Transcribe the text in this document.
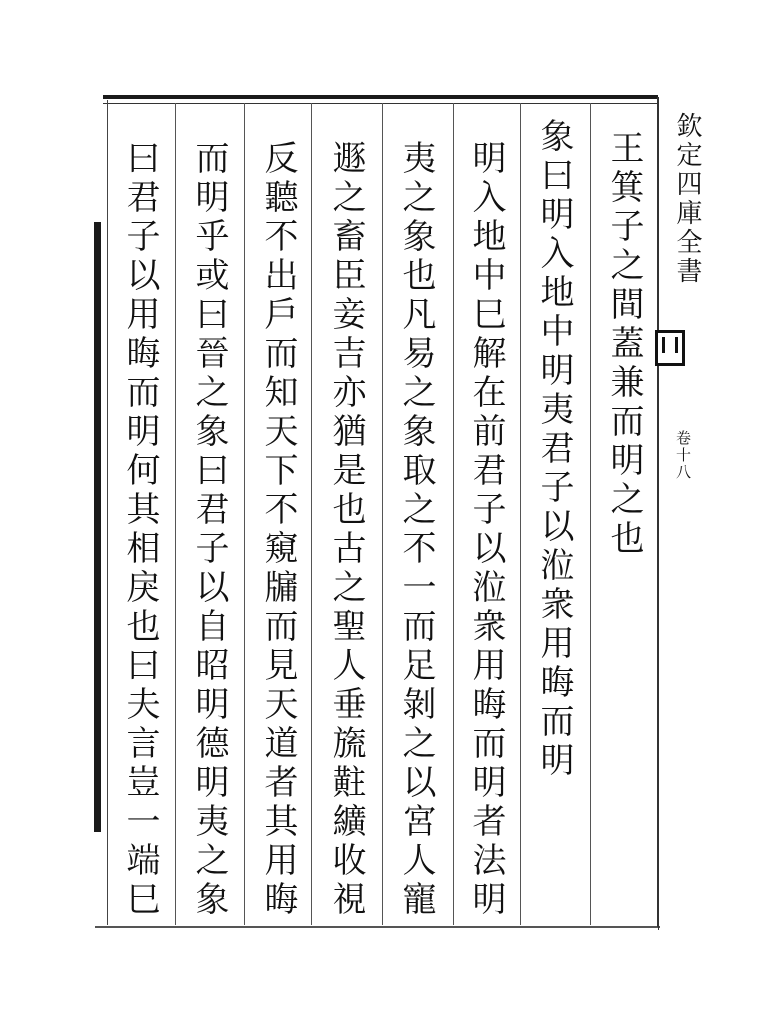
欽定四庫全書
卷十八
王箕子之間蓋兼而明之也
象曰明入地中明夷君子以涖衆用晦而明
明入地中巳解在前君子以涖衆用晦而明者法明
夷之象也凡易之象取之不一而足剝之以宮人寵
遯之畜臣妾吉亦猶是也古之聖人垂旒黈纊收視
反聽不出戶而知天下不窺牖而見天道者其用晦
而明乎或曰晉之象曰君子以自昭明德明夷之象
曰君子以用晦而明何其相戾也曰夫言豈一端巳
